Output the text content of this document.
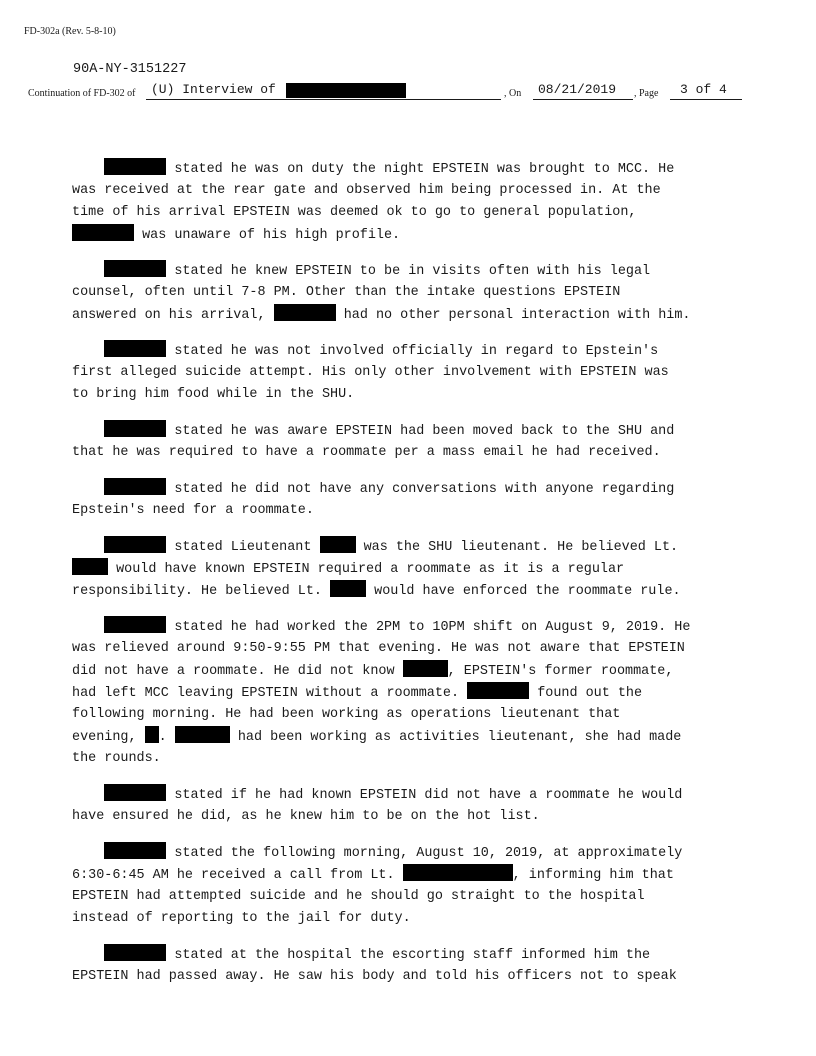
FD-302a (Rev. 5-8-10)
90A-NY-3151227
Continuation of FD-302 of (U) Interview of	, On 08/21/2019 , Page 3 of 4
stated he was on duty the night EPSTEIN was brought to MCC. He
was received at the rear gate and observed him being processed in. At the
time of his arrival EPSTEIN was deemed ok to go to general population,
was unaware of his high profile.
stated he knew EPSTEIN to be in visits often with his legal
counsel, often until 7-8 PM. Other than the intake questions EPSTEIN
answered on his arrival,	had no other personal interaction with him.
stated he was not involved officially in regard to Epstein's
first alleged suicide attempt. His only other involvement with EPSTEIN was
to bring him food while in the SHU.
stated he was aware EPSTEIN had been moved back to the SHU and
that he was required to have a roommate per a mass email he had received.
stated he did not have any conversations with anyone regarding
Epstein's need for a roommate.
stated Lieutenant	was the SHU lieutenant. He believed Lt.
would have known EPSTEIN required a roommate as it is a regular
responsibility. He believed Lt.	would have enforced the roommate rule.
stated he had worked the 2PM to 10PM shift on August 9, 2019. He
was relieved around 9:50-9:55 PM that evening. He was not aware that EPSTEIN
did not have a roommate. He did not know	, EPSTEIN's former roommate,
had left MCC leaving EPSTEIN without a roommate.	found out the
following morning. He had been working as operations lieutenant that
evening, .	had been working as activities lieutenant, she had made
the rounds.
stated if he had known EPSTEIN did not have a roommate he would
have ensured he did, as he knew him to be on the hot list.
stated the following morning, August 10, 2019, at approximately
6:30-6:45 AM he received a call from Lt.	, informing him that
EPSTEIN had attempted suicide and he should go straight to the hospital
instead of reporting to the jail for duty.
stated at the hospital the escorting staff informed him the
EPSTEIN had passed away. He saw his body and told his officers not to speak
